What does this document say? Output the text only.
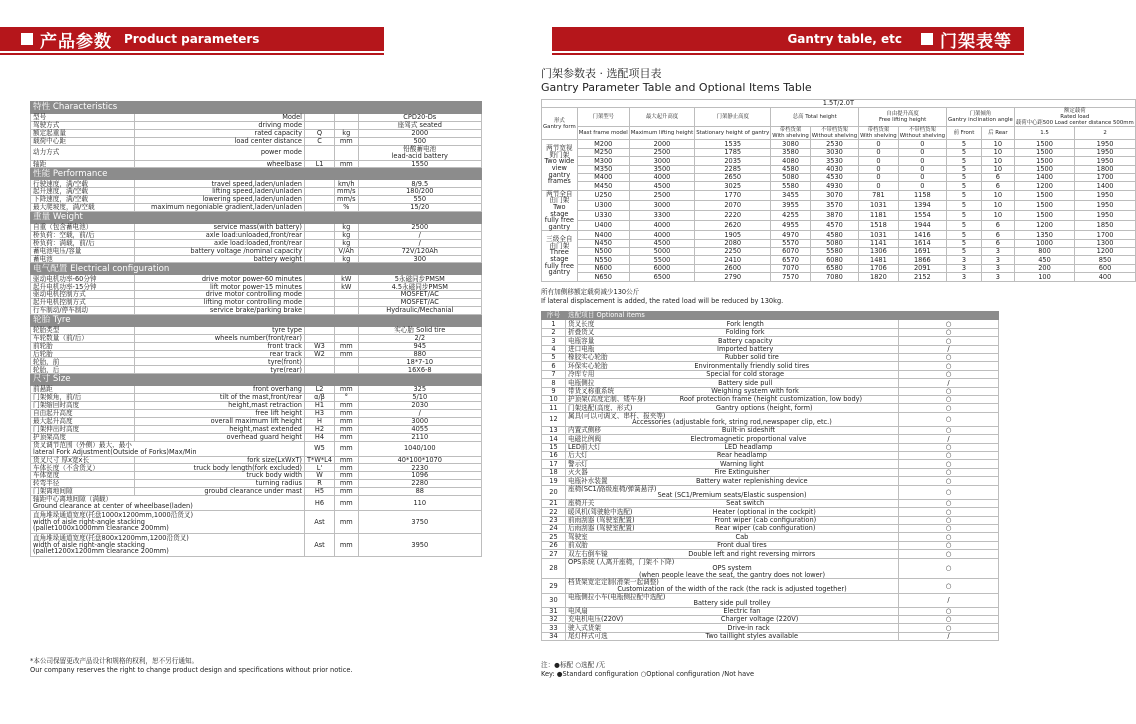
产品参数 Product parameters	Gantry table, etc 门架表等
特性 Characteristics				
型号	Model			CPD20-Ds
驾驶方式	driving mode			座驾式 seated
额定起重量	rated capacity	Q	kg	2000
载荷中心距	load center distance	C	mm	500
动力方式	power mode			铅酸蓄电池
lead-acid battery
轴距	wheelbase	L1	mm	1550
性能 Performance				
行驶速度，满/空载	travel speed,laden/unladen		km/h	8/9.5
起升速度，满/空载	lifting speed,laden/unladen		mm/s	180/200
下降速度，满/空载	lowering speed,laden/unladen		mm/s	550
最大爬坡度，满/空载	maximum negoniable gradient,laden/unladen		%	15/20
重量 Weight				
自重（包含蓄电池）	service mass(with battery)		kg	2500
桥负荷：空载，前/后	axle load:unloaded,front/rear		kg	/
桥负荷：满载，前/后	axle load:loaded,front/rear		kg	/
蓄电池电压/容量	battery voltage /nominal capacity		V/Ah	72V/120Ah
蓄电池	battery weight		kg	300
电气配置 Electrical configuration				
驱动电机功率-60分钟	drive motor power-60 minutes		kW	5永磁同步PMSM
起升电机功率-15分钟	lift motor power-15 minutes		kW	4.5永磁同步PMSM
驱动电机控制方式	drive motor controlling mode			MOSFET/AC
起升电机控制方式	lifting motor controlling mode			MOSFET/AC
行车制动/停车制动	service brake/parking brake			Hydraulic/Mechanial
轮胎 Tyre				
轮胎类型	tyre type			实心胎 Solid tire
车轮数量（前/后）	wheels number(front/rear)			2/2
前轮胎	front track	W3	mm	945
后轮胎	rear track	W2	mm	880
轮胎，前	tyre(front)			18*7-10
轮胎，后	tyre(rear)			16X6-8
尺寸 Size				
前悬距	front overhang	L2	mm	325
门架倾角，前/后	tilt of the mast,front/rear	α/β	°	5/10
门架缩回时高度	height,mast retraction	H1	mm	2030
自由起升高度	free lift height	H3	mm	/
最大起升高度	overall maximum lift height	H	mm	3000
门架伸出时高度	height,mast extended	H2	mm	4055
护顶架高度	overhead guard height	H4	mm	2110
货叉调节范围（外侧）最大、最小
lateral Fork Adjustment(Outside of Forks)Max/Min		W5	mm	1040/100
货叉尺寸 厚x宽x长	fork size(LxWxT)	T*W*L4	mm	40*100*1070
车体长度（不含货叉）	truck body length(fork excluded)	L'	mm	2230
车体宽度	truck body width	W	mm	1096
转弯半径	turning radius	R	mm	2280
门架离地间隙	groubd clearance under mast	H5	mm	88
轴距中心离地间隙（满载）
Ground clearance at center of wheelbase(laden)		H6	mm	110
直角堆垛通道宽度(托盘1000x1200mm,1000沿货叉)
width of aisle right-angle stacking
(pallet1000x1000mm clearance 200mm)		Ast	mm	3750
直角堆垛通道宽度(托盘800x1200mm,1200沿货叉)
width of aisle right-angle stacking
(pallet1200x1200mm clearance 200mm)		Ast	mm	3950
*本公司保留更改产品设计和规格的权利，恕不另行通知。
Our company reserves the right to change product design and specifications without prior notice.
门架参数表 · 选配项目表
Gantry Parameter Table and Optional Items Table
1.5T/2.0T											
形式
Gantry form	门架型号	最大起升高度	门架静止高度	总高 Total height		自由提升高度
Free lifting height		门架倾角
Gantry inclination angle		额定载荷
Rated load
载荷中心距500 Load center distance 500mm	
	Mast frame model	Maximum lifting height	Stationary height of gantry	带档货架
With shelving	不带档货架
Without shelving	带档货架
With shelving	不带档货架
Without shelving	前 Front	后 Rear	1.5	2
两节宽视野门架
Two wide view gantry frames	M200	2000	1535	3080	2530	0	0	5	10	1500	1950
	M250	2500	1785	3580	3030	0	0	5	10	1500	1950
	M300	3000	2035	4080	3530	0	0	5	10	1500	1950
	M350	3500	2285	4580	4030	0	0	5	10	1500	1800
	M400	4000	2650	5080	4530	0	0	5	6	1400	1700
	M450	4500	3025	5580	4930	0	0	5	6	1200	1400
两节全自由门架
Two stage fully free gantry	U250	2500	1770	3455	3070	781	1158	5	10	1500	1950
	U300	3000	2070	3955	3570	1031	1394	5	10	1500	1950
	U330	3300	2220	4255	3870	1181	1554	5	10	1500	1950
	U400	4000	2620	4955	4570	1518	1944	5	6	1200	1850
三级全自由门架
Three stage fully free gantry	N400	4000	1905	4970	4580	1031	1416	5	6	1350	1700
	N450	4500	2080	5570	5080	1141	1614	5	6	1000	1300
	N500	5000	2250	6070	5580	1306	1691	5	3	800	1200
	N550	5500	2410	6570	6080	1481	1866	3	3	450	850
	N600	6000	2600	7070	6580	1706	2091	3	3	200	600
	N650	6500	2790	7570	7080	1820	2152	3	3	100	400
所有加侧移额定载荷减少130公斤
If lateral displacement is added, the rated load will be reduced by 130kg.
序号	选配项目 Optional items	
1	货叉长度 Fork length	○
2	折叠货叉 Folding fork	○
3	电瓶容量 Battery capacity	○
4	进口电瓶 Imported battery	/
5	橡胶实心轮胎 Rubber solid tire	○
6	环保实心轮胎 Environmentally friendly solid tires	○
7	冷库专用 Special for cold storage	○
8	电瓶侧拉 Battery side pull	/
9	带货叉称重系统 Weighing system with fork	○
10	护顶架(高度定制、矮车身) Roof protection frame (height customization, low body)	○
11	门架选配(高度、形式) Gantry options (height, form)	○
12	属具(可以可调叉、串杆、报夹等)
Accessories (adjustable fork, string rod,newspaper clip, etc.)	○
13	内置式侧移 Built-in sideshift	○
14	电磁比例阀 Electromagnetic proportional valve	/
15	LED前大灯 LED headlamp	○
16	后大灯 Rear headlamp	○
17	警示灯 Warning light	○
18	灭火器 Fire Extinguisher	○
19	电瓶补水装置 Battery water replenishing device	○
20	座椅(SC1/路级座椅/弹簧悬浮)
Seat (SC1/Premium seats/Elastic suspension)	○
21	座椅开关 Seat switch	○
22	暖风机(驾驶舱中选配) Heater (optional in the cockpit)	○
23	前雨刮器 (驾驶室配置) Front wiper (cab configuration)	○
24	后雨刮器 (驾驶室配置) Rear wiper (cab configuration)	○
25	驾驶室 Cab	○
26	前双胎 Front dual tires	○
27	双左右倒车镜 Double left and right reversing mirrors	○
28	OPS系统 (人离开座椅，门架不下降)
OPS system
(when people leave the seat, the gantry does not lower)	○
29	档货架宽定定制(滑架一起调整)
Customization of the width of the rack (the rack is adjusted together)	○
30	电瓶侧拉小车(电瓶侧拉配中选配)
Battery side pull trolley	/
31	电风扇 Electric fan	○
32	充电机电压(220V) Charger voltage (220V)	○
33	驶入式货架 Drive-in rack	○
34	尾灯样式可选 Two taillight styles available	/
注：●标配 ○选配 /无
Key: ●Standard configuration ○Optional configuration /Not have
